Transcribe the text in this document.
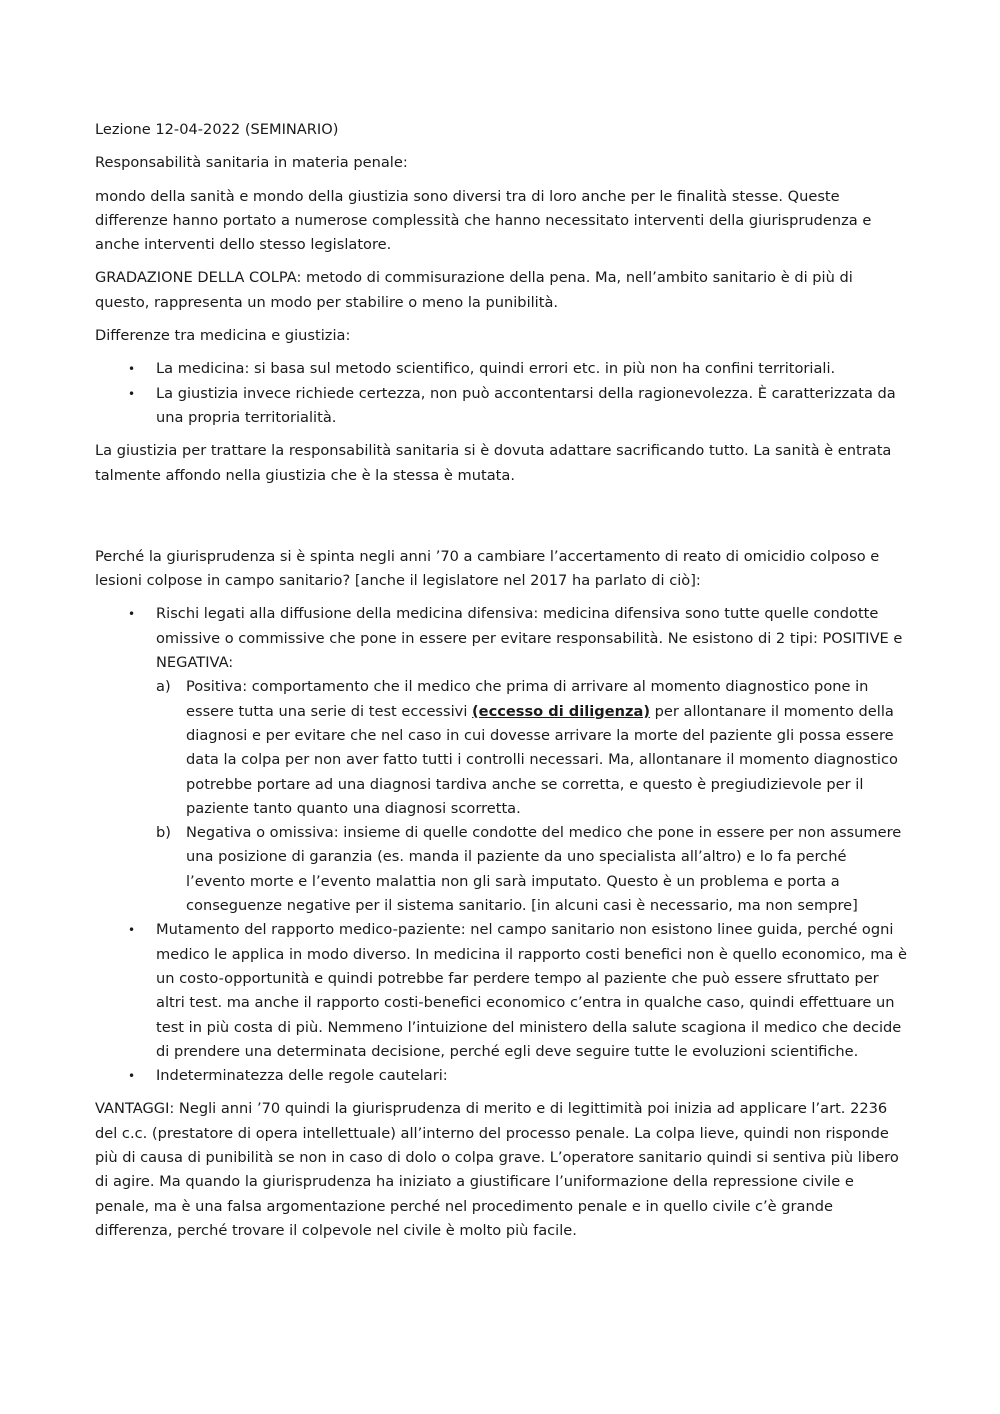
Lezione 12-04-2022 (SEMINARIO)

Responsabilità sanitaria in materia penale:

mondo della sanità e mondo della giustizia sono diversi tra di loro anche per le finalità stesse. Queste differenze hanno portato a numerose complessità che hanno necessitato interventi della giurisprudenza e anche interventi dello stesso legislatore.

GRADAZIONE DELLA COLPA: metodo di commisurazione della pena. Ma, nell’ambito sanitario è di più di questo, rappresenta un modo per stabilire o meno la punibilità.

Differenze tra medicina e giustizia:

• La medicina: si basa sul metodo scientifico, quindi errori etc. in più non ha confini territoriali.
• La giustizia invece richiede certezza, non può accontentarsi della ragionevolezza. È caratterizzata da una propria territorialità.

La giustizia per trattare la responsabilità sanitaria si è dovuta adattare sacrificando tutto. La sanità è entrata talmente affondo nella giustizia che è la stessa è mutata.

Perché la giurisprudenza si è spinta negli anni ’70 a cambiare l’accertamento di reato di omicidio colposo e lesioni colpose in campo sanitario? [anche il legislatore nel 2017 ha parlato di ciò]:

• Rischi legati alla diffusione della medicina difensiva: medicina difensiva sono tutte quelle condotte omissive o commissive che pone in essere per evitare responsabilità. Ne esistono di 2 tipi: POSITIVE e NEGATIVA:
a) Positiva: comportamento che il medico che prima di arrivare al momento diagnostico pone in essere tutta una serie di test eccessivi (eccesso di diligenza) per allontanare il momento della diagnosi e per evitare che nel caso in cui dovesse arrivare la morte del paziente gli possa essere data la colpa per non aver fatto tutti i controlli necessari. Ma, allontanare il momento diagnostico potrebbe portare ad una diagnosi tardiva anche se corretta, e questo è pregiudizievole per il paziente tanto quanto una diagnosi scorretta.
b) Negativa o omissiva: insieme di quelle condotte del medico che pone in essere per non assumere una posizione di garanzia (es. manda il paziente da uno specialista all’altro) e lo fa perché l’evento morte e l’evento malattia non gli sarà imputato. Questo è un problema e porta a conseguenze negative per il sistema sanitario. [in alcuni casi è necessario, ma non sempre]
• Mutamento del rapporto medico-paziente: nel campo sanitario non esistono linee guida, perché ogni medico le applica in modo diverso. In medicina il rapporto costi benefici non è quello economico, ma è un costo-opportunità e quindi potrebbe far perdere tempo al paziente che può essere sfruttato per altri test. ma anche il rapporto costi-benefici economico c’entra in qualche caso, quindi effettuare un test in più costa di più. Nemmeno l’intuizione del ministero della salute scagiona il medico che decide di prendere una determinata decisione, perché egli deve seguire tutte le evoluzioni scientifiche.
• Indeterminatezza delle regole cautelari:

VANTAGGI: Negli anni ’70 quindi la giurisprudenza di merito e di legittimità poi inizia ad applicare l’art. 2236 del c.c. (prestatore di opera intellettuale) all’interno del processo penale. La colpa lieve, quindi non risponde più di causa di punibilità se non in caso di dolo o colpa grave. L’operatore sanitario quindi si sentiva più libero di agire. Ma quando la giurisprudenza ha iniziato a giustificare l’uniformazione della repressione civile e penale, ma è una falsa argomentazione perché nel procedimento penale e in quello civile c’è grande differenza, perché trovare il colpevole nel civile è molto più facile.
